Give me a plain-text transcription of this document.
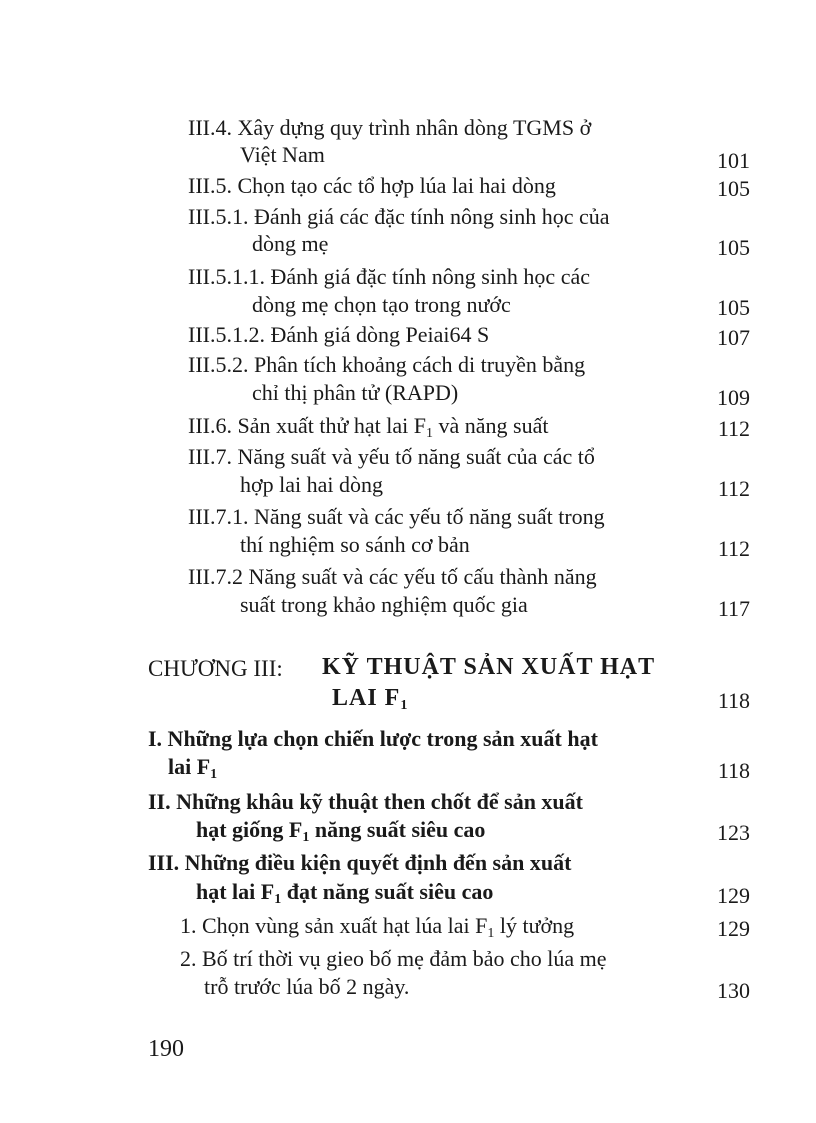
III.4. Xây dựng quy trình nhân dòng TGMS ở
Việt Nam	101
III.5. Chọn tạo các tổ hợp lúa lai hai dòng	105
III.5.1. Đánh giá các đặc tính nông sinh học của
dòng mẹ	105
III.5.1.1. Đánh giá đặc tính nông sinh học các
dòng mẹ chọn tạo trong nước	105
III.5.1.2. Đánh giá dòng Peiai64 S	107
III.5.2. Phân tích khoảng cách di truyền bằng
chỉ thị phân tử (RAPD)	109
III.6. Sản xuất thử hạt lai $F_1$ và năng suất	112
III.7. Năng suất và yếu tố năng suất của các tổ
hợp lai hai dòng	112
III.7.1. Năng suất và các yếu tố năng suất trong
thí nghiệm so sánh cơ bản	112
III.7.2 Năng suất và các yếu tố cấu thành năng
suất trong khảo nghiệm quốc gia	117
CHƯƠNG III: KỸ THUẬT SẢN XUẤT HẠT
LAI $F_1$	118
I. Những lựa chọn chiến lược trong sản xuất hạt
lai $F_1$	118
II. Những khâu kỹ thuật then chốt để sản xuất
hạt giống $F_1$ năng suất siêu cao	123
III. Những điều kiện quyết định đến sản xuất
hạt lai $F_1$ đạt năng suất siêu cao	129
1. Chọn vùng sản xuất hạt lúa lai $F_1$ lý tưởng	129
2. Bố trí thời vụ gieo bố mẹ đảm bảo cho lúa mẹ
trỗ trước lúa bố 2 ngày.	130
190
